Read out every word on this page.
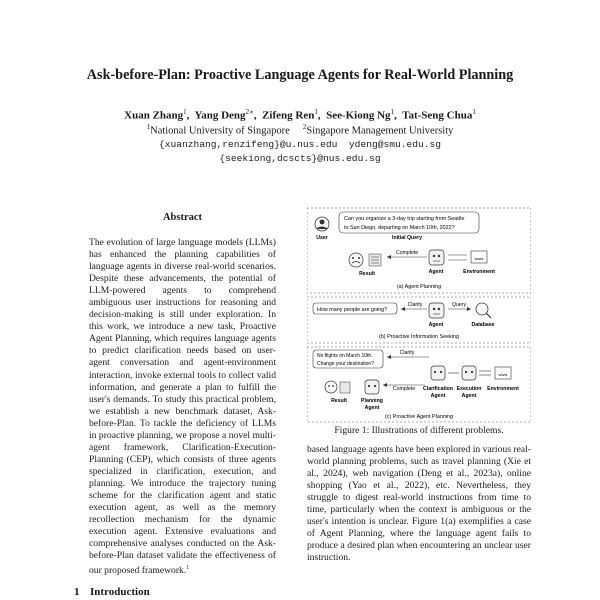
Ask-before-Plan: Proactive Language Agents for Real-World Planning
Xuan Zhang$^1$,  Yang Deng$^{2∗}$,  Zifeng Ren$^1$,  See-Kiong Ng$^1$,  Tat-Seng Chua$^1$
$^1$National University of Singapore $^2$Singapore Management University
{xuanzhang,renzifeng}@u.nus.edu  ydeng@smu.edu.sg
{seekiong,dcscts}@nus.edu.sg
Abstract
The evolution of large language models (LLMs) has enhanced the planning capabilities of language agents in diverse real-world scenarios. Despite these advancements, the potential of LLM-powered agents to comprehend ambiguous user instructions for reasoning and decision-making is still under exploration. In this work, we introduce a new task, Proactive Agent Planning, which requires language agents to predict clarification needs based on user-agent conversation and agent-environment interaction, invoke external tools to collect valid information, and generate a plan to fulfill the user's demands. To study this practical problem, we establish a new benchmark dataset, Ask-before-Plan. To tackle the deficiency of LLMs in proactive planning, we propose a novel multi-agent framework, Clarification-Execution-Planning (CEP), which consists of three agents specialized in clarification, execution, and planning. We introduce the trajectory tuning scheme for the clarification agent and static execution agent, as well as the memory recollection mechanism for the dynamic execution agent. Extensive evaluations and comprehensive analyses conducted on the Ask-before-Plan dataset validate the effectiveness of our proposed framework.$^1$
1 Introduction
User
Can you organize a 3-day trip starting from Seattle
to San Diego, departing on March 10th, 2022?
Initial Query
Result
Complete
Agent
www
Environment
(a) Agent Planning
How many people are going?
Clarify
Agent
Query
Database
(b) Proactive Information Seeking
No flights on March 10th.
Change your destination?
Clarify
Result	Planning
Agent
Complete Clarification
Agent
Execution
Agent
www
Environment
(c) Proactive Agent Planning
Figure 1: Illustrations of different problems.
based language agents have been explored in various real-world planning problems, such as travel planning (Xie et al., 2024), web navigation (Deng et al., 2023a), online shopping (Yao et al., 2022), etc. Nevertheless, they struggle to digest real-world instructions from time to time, particularly when the context is ambiguous or the user's intention is unclear. Figure 1(a) exemplifies a case of Agent Planning, where the language agent fails to produce a desired plan when encountering an unclear user instruction.
